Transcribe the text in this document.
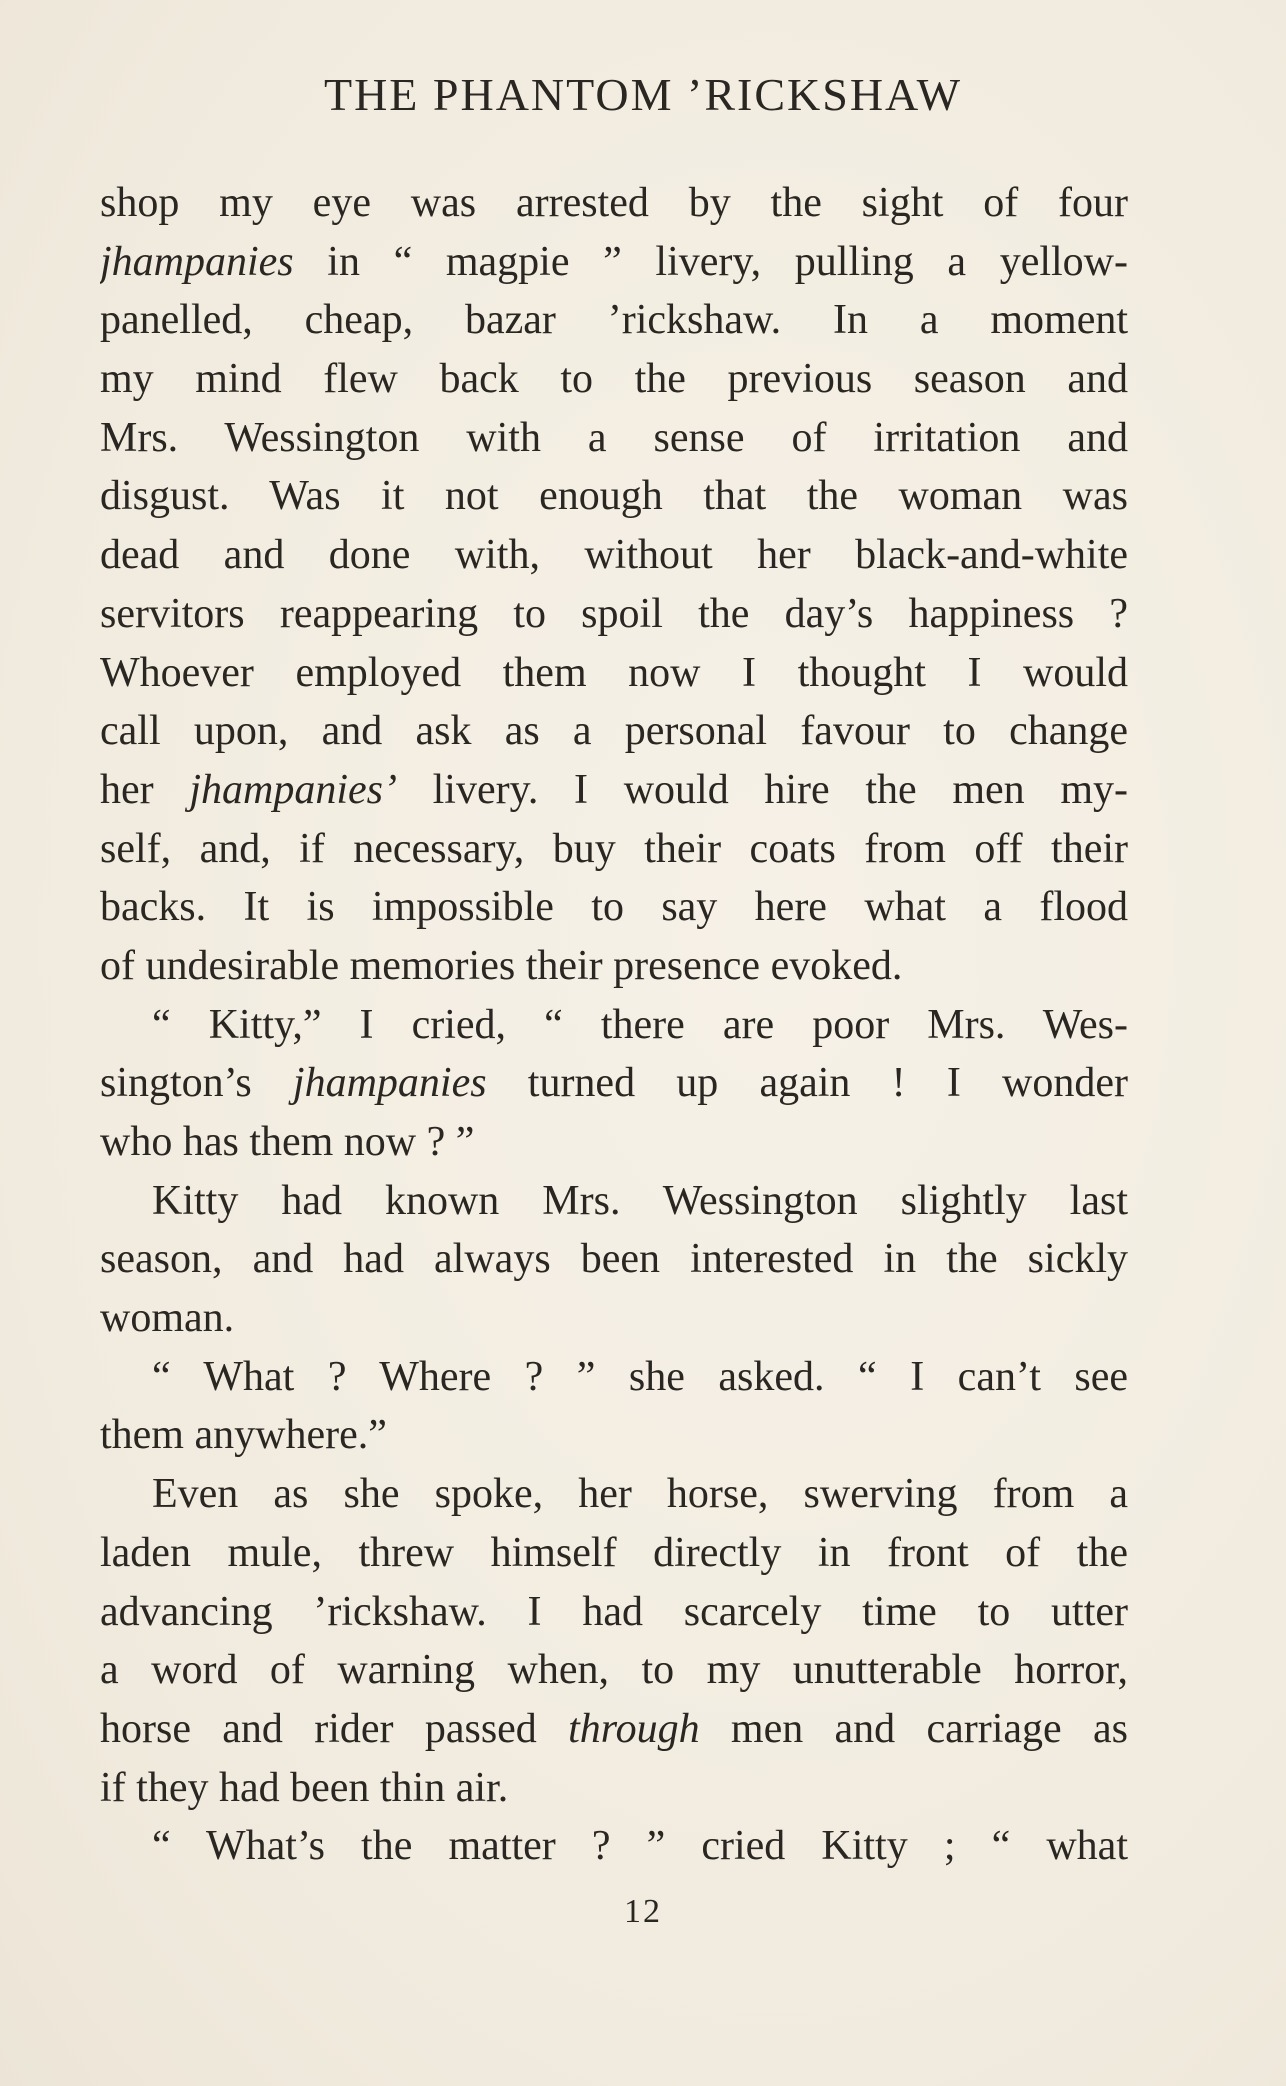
THE PHANTOM ’RICKSHAW
shop my eye was arrested by the sight of four
jhampanies in “ magpie ” livery, pulling a yellow-
panelled, cheap, bazar ’rickshaw. In a moment
my mind flew back to the previous season and
Mrs. Wessington with a sense of irritation and
disgust. Was it not enough that the woman was
dead and done with, without her black-and-white
servitors reappearing to spoil the day’s happiness ?
Whoever employed them now I thought I would
call upon, and ask as a personal favour to change
her jhampanies’ livery. I would hire the men my-
self, and, if necessary, buy their coats from off their
backs. It is impossible to say here what a flood
of undesirable memories their presence evoked.
“ Kitty,” I cried, “ there are poor Mrs. Wes-
sington’s jhampanies turned up again ! I wonder
who has them now ? ”
Kitty had known Mrs. Wessington slightly last
season, and had always been interested in the sickly
woman.
“ What ? Where ? ” she asked. “ I can’t see
them anywhere.”
Even as she spoke, her horse, swerving from a
laden mule, threw himself directly in front of the
advancing ’rickshaw. I had scarcely time to utter
a word of warning when, to my unutterable horror,
horse and rider passed through men and carriage as
if they had been thin air.
“ What’s the matter ? ” cried Kitty ; “ what
12
